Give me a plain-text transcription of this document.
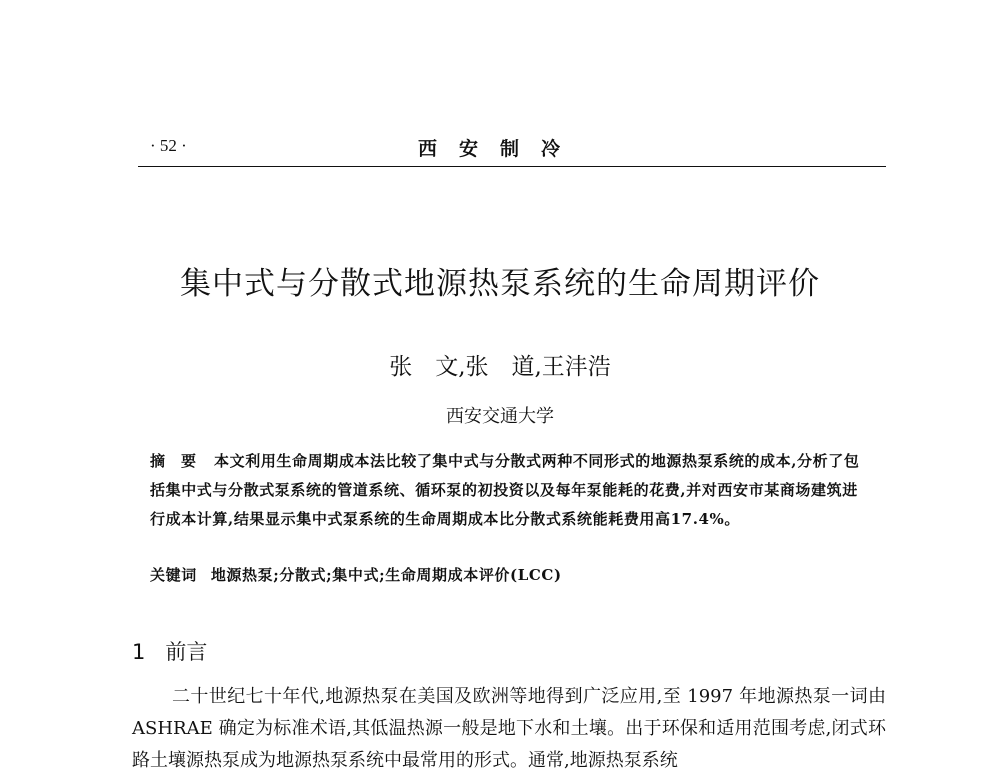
· 52 ·	西安制冷
集中式与分散式地源热泵系统的生命周期评价
张　文,张　道,王沣浩
西安交通大学
摘要 本文利用生命周期成本法比较了集中式与分散式两种不同形式的地源热泵系统的成本,分析了包括集中式与分散式泵系统的管道系统、循环泵的初投资以及每年泵能耗的花费,并对西安市某商场建筑进行成本计算,结果显示集中式泵系统的生命周期成本比分散式系统能耗费用高17.4%。
关键词 地源热泵;分散式;集中式;生命周期成本评价(LCC)
1 前言
二十世纪七十年代,地源热泵在美国及欧洲等地得到广泛应用,至 1997 年地源热泵一词由 ASHRAE 确定为标准术语,其低温热源一般是地下水和土壤。出于环保和适用范围考虑,闭式环路土壤源热泵成为地源热泵系统中最常用的形式。通常,地源热泵系统
